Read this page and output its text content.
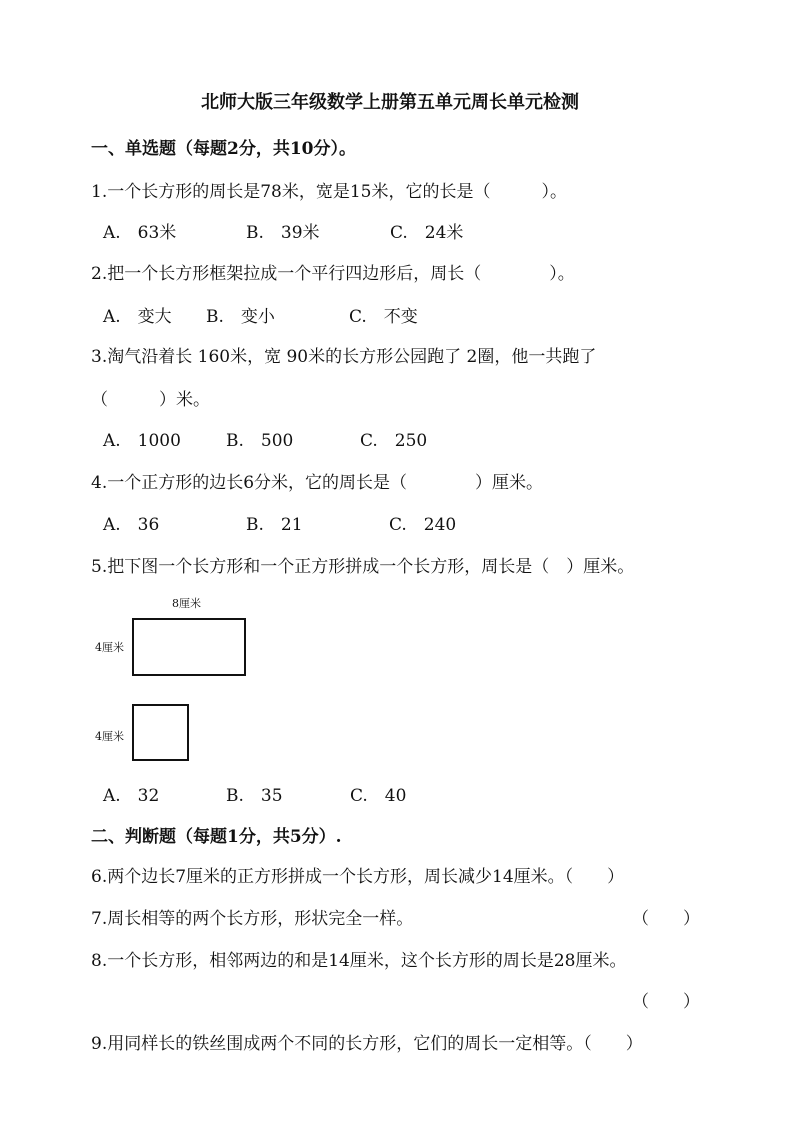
北师大版三年级数学上册第五单元周长单元检测
一、单选题（每题2分，共10分）。
1.一个长方形的周长是78米，宽是15米，它的长是（　　　）。
A.　63米	B.　39米	C.　24米
2.把一个长方形框架拉成一个平行四边形后，周长（　　　　）。
A.　变大 B.　变小	C.　不变
3.淘气沿着长 160米，宽 90米的长方形公园跑了 2圈，他一共跑了
（　　　）米。
A.　1000	B.　500	C.　250
4.一个正方形的边长6分米，它的周长是（　　　　）厘米。
A.　36	B.　21	C.　240
5.把下图一个长方形和一个正方形拼成一个长方形，周长是（　）厘米。
8厘米
4厘米
4厘米
A.　32	B.　35	C.　40
二、判断题（每题1分，共5分）.
6.两个边长7厘米的正方形拼成一个长方形，周长减少14厘米。（　　）
7.周长相等的两个长方形，形状完全一样。	（　　）
8.一个长方形，相邻两边的和是14厘米，这个长方形的周长是28厘米。
（　　）
9.用同样长的铁丝围成两个不同的长方形，它们的周长一定相等。（　　）
